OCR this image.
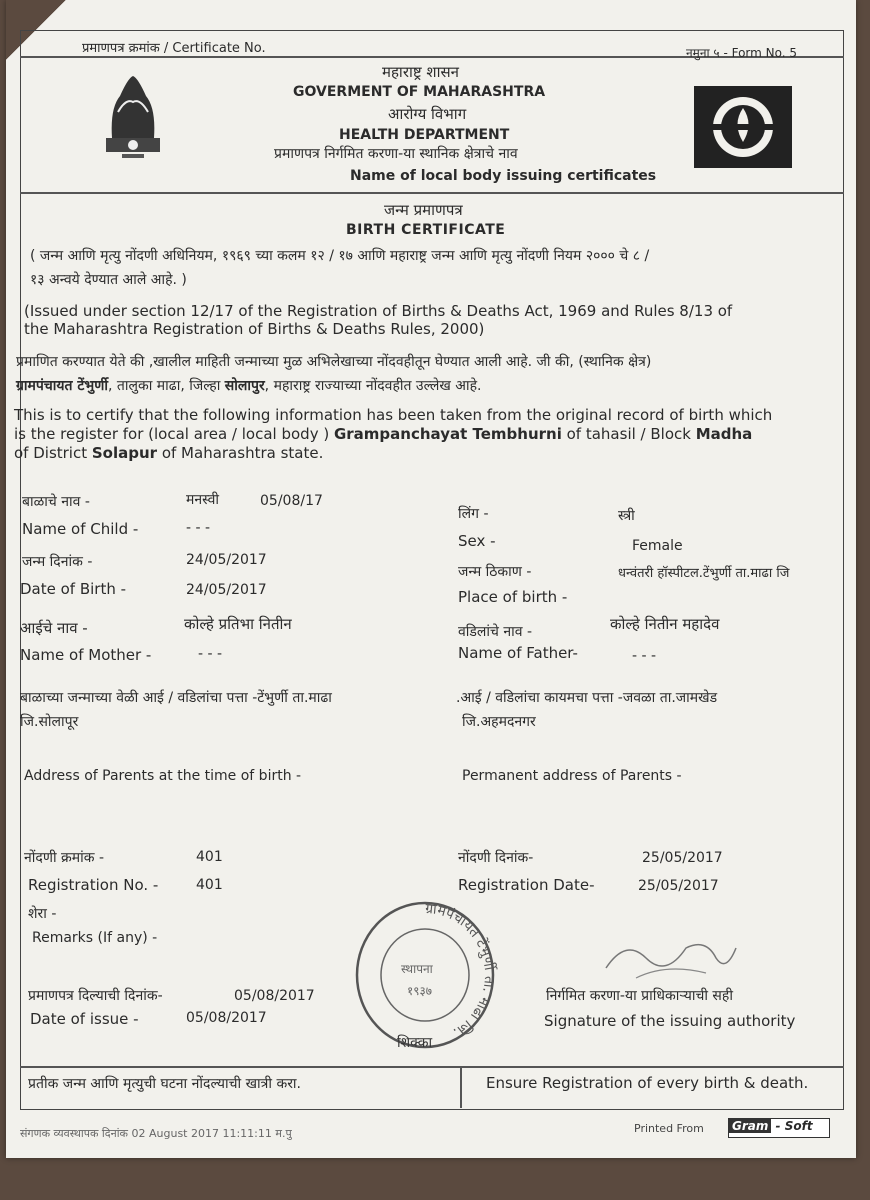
प्रमाणपत्र क्रमांक / Certificate No.	नमुना ५ - Form No. 5
महाराष्ट्र शासन
GOVERMENT OF MAHARASHTRA
आरोग्य विभाग
HEALTH DEPARTMENT
प्रमाणपत्र निर्गमित करणा-या स्थानिक क्षेत्राचे नाव
Name of local body issuing certificates
जन्म प्रमाणपत्र
BIRTH CERTIFICATE
( जन्म आणि मृत्यु नोंदणी अधिनियम, १९६९ च्या कलम १२ / १७ आणि महाराष्ट्र जन्म आणि मृत्यु नोंदणी नियम २००० चे ८ /
१३ अन्वये देण्यात आले आहे. )
(Issued under section 12/17 of the Registration of Births & Deaths Act, 1969 and Rules 8/13 of
the Maharashtra Registration of Births & Deaths Rules, 2000)
प्रमाणित करण्यात येते की ,खालील माहिती जन्माच्या मुळ अभिलेखाच्या नोंदवहीतून घेण्यात आली आहे. जी की, (स्थानिक क्षेत्र)
ग्रामपंचायत टेंभुर्णी, तालुका माढा, जिल्हा सोलापुर, महाराष्ट्र राज्याच्या नोंदवहीत उल्लेख आहे.
This is to certify that the following information has been taken from the original record of birth which
is the register for (local area / local body ) Grampanchayat Tembhurni of tahasil / Block Madha
of District Solapur of Maharashtra state.
बाळाचे नाव -	मनस्वी	05/08/17
Name of Child -	- - -
जन्म दिनांक -	24/05/2017
Date of Birth -	24/05/2017
आईचे नाव -	कोल्हे प्रतिभा नितीन
Name of Mother -	- - -
लिंग -	स्त्री
Sex -	Female
जन्म ठिकाण -	धन्वंतरी हॉस्पीटल.टेंभुर्णी ता.माढा जि
Place of birth -
वडिलांचे नाव -	कोल्हे नितीन महादेव
Name of Father-	- - -
बाळाच्या जन्माच्या वेळी आई / वडिलांचा पत्ता -टेंभुर्णी ता.माढा
जि.सोलापूर
Address of Parents at the time of birth -
.आई / वडिलांचा कायमचा पत्ता -जवळा ता.जामखेड
जि.अहमदनगर
Permanent address of Parents -
नोंदणी क्रमांक -	401
Registration No. -	401
नोंदणी दिनांक-	25/05/2017
Registration Date-	25/05/2017
शेरा -
Remarks (If any) -
प्रमाणपत्र दिल्याची दिनांक-	05/08/2017
Date of issue -	05/08/2017
ग्रामपंचायत टेंभुर्णी ता. माढा जि.
स्थापना
१९३७
शिक्का
निर्गमित करणा-या प्राधिकाऱ्याची सही
Signature of the issuing authority
प्रतीक जन्म आणि मृत्युची घटना नोंदल्याची खात्री करा.	Ensure Registration of every birth & death.
संगणक व्यवस्थापक दिनांक 02 August 2017 11:11:11 म.पु	Printed From	Gram - Soft
